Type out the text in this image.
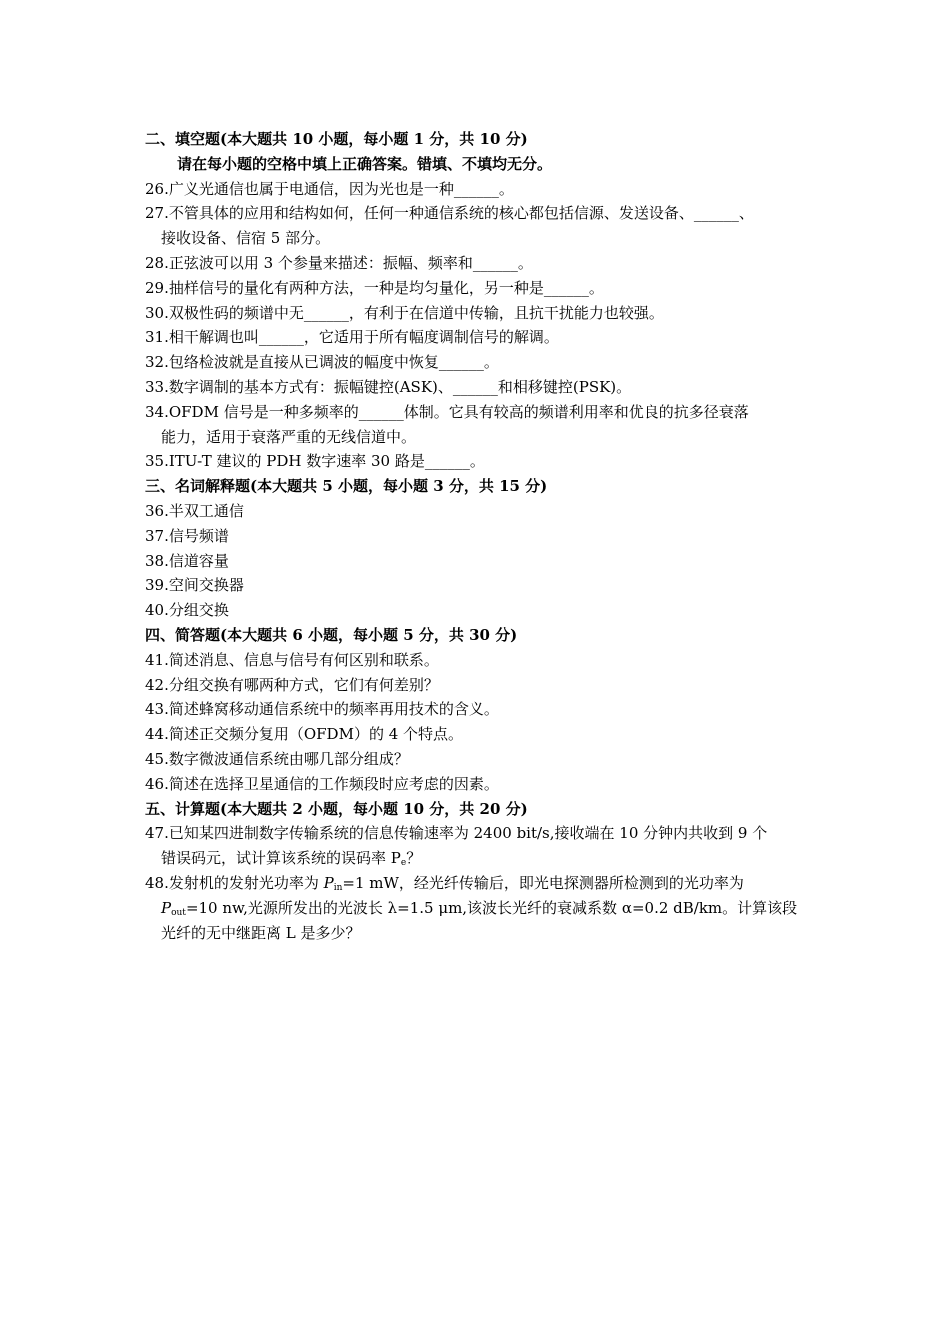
二、填空题(本大题共 10 小题，每小题 1 分，共 10 分)
请在每小题的空格中填上正确答案。错填、不填均无分。
26.广义光通信也属于电通信，因为光也是一种______。
27.不管具体的应用和结构如何，任何一种通信系统的核心都包括信源、发送设备、______、
接收设备、信宿 5 部分。
28.正弦波可以用 3 个参量来描述：振幅、频率和______。
29.抽样信号的量化有两种方法，一种是均匀量化，另一种是______。
30.双极性码的频谱中无______，有利于在信道中传输，且抗干扰能力也较强。
31.相干解调也叫______，它适用于所有幅度调制信号的解调。
32.包络检波就是直接从已调波的幅度中恢复______。
33.数字调制的基本方式有：振幅键控(ASK)、______和相移键控(PSK)。
34.OFDM 信号是一种多频率的______体制。它具有较高的频谱利用率和优良的抗多径衰落
能力，适用于衰落严重的无线信道中。
35.ITU-T 建议的 PDH 数字速率 30 路是______。
三、名词解释题(本大题共 5 小题，每小题 3 分，共 15 分)
36.半双工通信
37.信号频谱
38.信道容量
39.空间交换器
40.分组交换
四、简答题(本大题共 6 小题，每小题 5 分，共 30 分)
41.简述消息、信息与信号有何区别和联系。
42.分组交换有哪两种方式，它们有何差别？
43.简述蜂窝移动通信系统中的频率再用技术的含义。
44.简述正交频分复用（OFDM）的 4 个特点。
45.数字微波通信系统由哪几部分组成？
46.简述在选择卫星通信的工作频段时应考虑的因素。
五、计算题(本大题共 2 小题，每小题 10 分，共 20 分)
47.已知某四进制数字传输系统的信息传输速率为 2400 bit/s,接收端在 10 分钟内共收到 9 个
错误码元，试计算该系统的误码率 $P_e$？
48.发射机的发射光功率为 $P_{in}=1$ mW，经光纤传输后，即光电探测器所检测到的光功率为
$P_{out}=10$ nw,光源所发出的光波长 λ=1.5 μm,该波长光纤的衰减系数 α=0.2 dB/km。计算该段
光纤的无中继距离 L 是多少？
